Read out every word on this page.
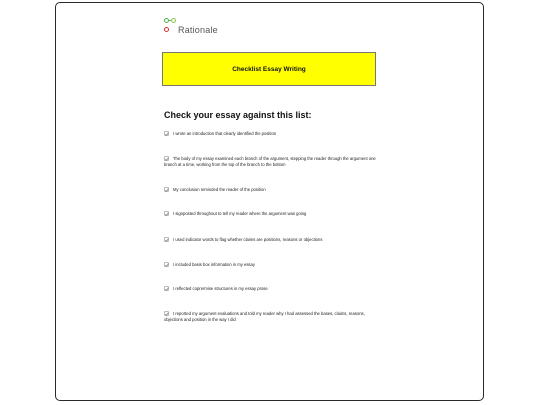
Rationale
Checklist Essay Writing
Check your essay against this list:
I wrote an introduction that clearly identified the position
The body of my essay examined each branch of the argument, stepping the reader through the argument one branch at a time, working from the top of the branch to the bottom
My conclusion reminded the reader of the position
I signposted throughout to tell my reader where the argument was going
I used indicator words to flag whether claims are positions, reasons or objections
I included basis box information in my essay
I reflected coprermise structures in my essay prose
I reported my argument evaluations and told my reader why I had assessed the bases, claims, reasons, objections and position in the way I did
